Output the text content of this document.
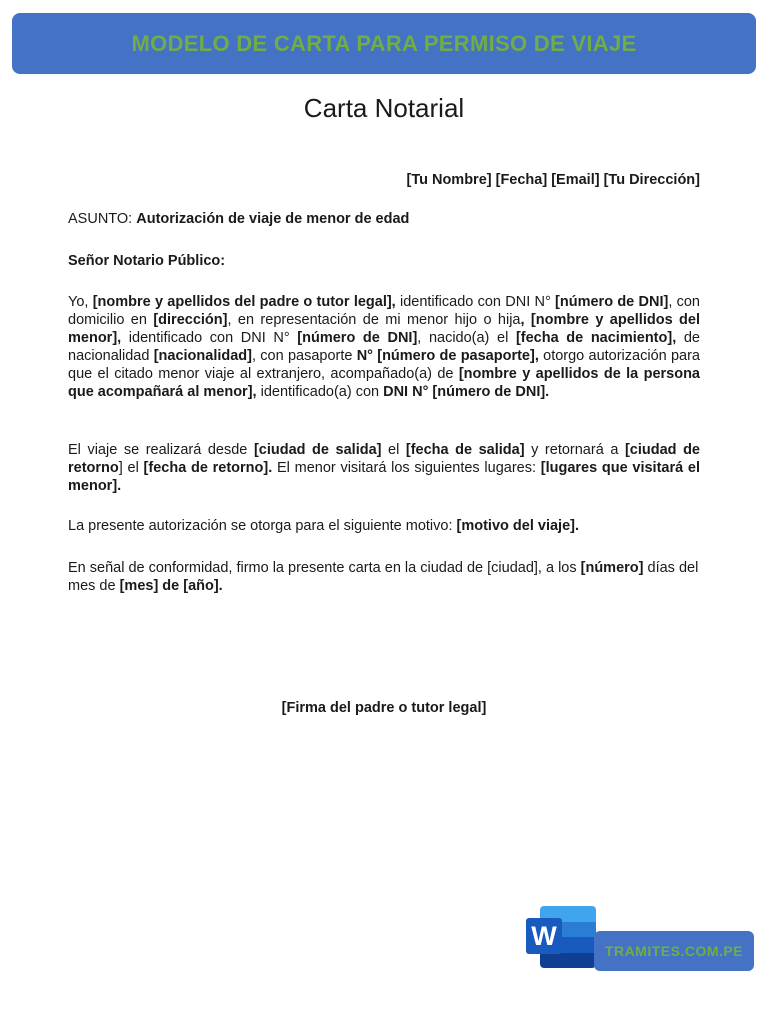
MODELO DE CARTA PARA PERMISO DE VIAJE
Carta Notarial
[Tu Nombre] [Fecha] [Email] [Tu Dirección]
ASUNTO: Autorización de viaje de menor de edad
Señor Notario Público:
Yo, [nombre y apellidos del padre o tutor legal], identificado con DNI N° [número de DNI], con domicilio en [dirección], en representación de mi menor hijo o hija, [nombre y apellidos del menor], identificado con DNI N° [número de DNI], nacido(a) el [fecha de nacimiento], de nacionalidad [nacionalidad], con pasaporte N° [número de pasaporte], otorgo autorización para que el citado menor viaje al extranjero, acompañado(a) de [nombre y apellidos de la persona que acompañará al menor], identificado(a) con DNI N° [número de DNI].
El viaje se realizará desde [ciudad de salida] el [fecha de salida] y retornará a [ciudad de retorno] el [fecha de retorno]. El menor visitará los siguientes lugares: [lugares que visitará el menor].
La presente autorización se otorga para el siguiente motivo: [motivo del viaje].
En señal de conformidad, firmo la presente carta en la ciudad de [ciudad], a los [número] días del mes de [mes] de [año].
[Firma del padre o tutor legal]
W	TRAMITES.COM.PE
